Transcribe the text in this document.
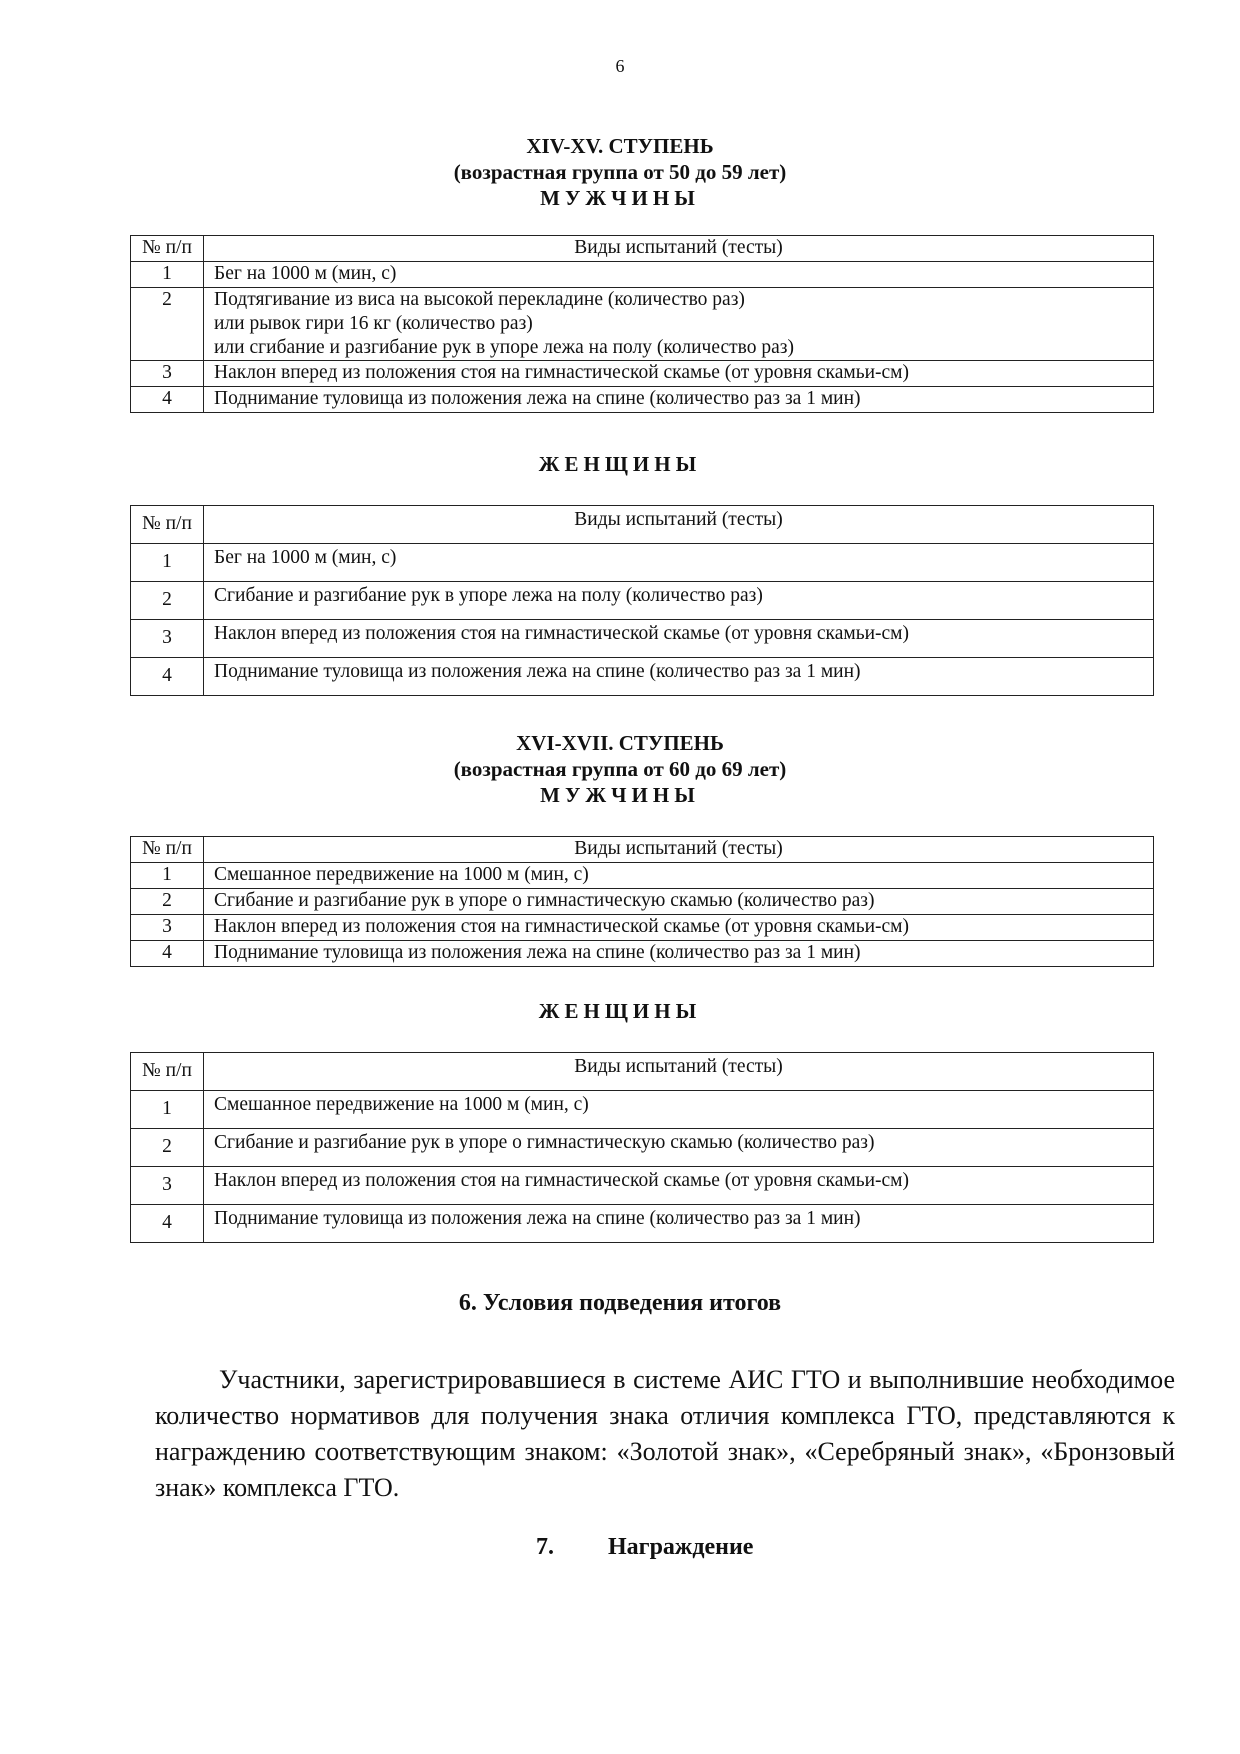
6
XIV-XV. СТУПЕНЬ
(возрастная группа от 50 до 59 лет)
МУЖЧИНЫ
№ п/п	Виды испытаний (тесты)
1	Бег на 1000 м (мин, с)

2	Подтягивание из виса на высокой перекладине (количество раз)
или рывок гири 16 кг (количество раз)
или сгибание и разгибание рук в упоре лежа на полу (количество раз)

3	Наклон вперед из положения стоя на гимнастической скамье (от уровня скамьи-см)

4	Поднимание туловища из положения лежа на спине (количество раз за 1 мин)
ЖЕНЩИНЫ
№ п/п	Виды испытаний (тесты)
1	Бег на 1000 м (мин, с)
2	Сгибание и разгибание рук в упоре лежа на полу (количество раз)
3	Наклон вперед из положения стоя на гимнастической скамье (от уровня скамьи-см)
4	Поднимание туловища из положения лежа на спине (количество раз за 1 мин)
XVI-XVII. СТУПЕНЬ
(возрастная группа от 60 до 69 лет)
МУЖЧИНЫ
№ п/п	Виды испытаний (тесты)
1	Смешанное передвижение на 1000 м (мин, с)
2	Сгибание и разгибание рук в упоре о гимнастическую скамью (количество раз)
3	Наклон вперед из положения стоя на гимнастической скамье (от уровня скамьи-см)
4	Поднимание туловища из положения лежа на спине (количество раз за 1 мин)
ЖЕНЩИНЫ
№ п/п	Виды испытаний (тесты)
1	Смешанное передвижение на 1000 м (мин, с)
2	Сгибание и разгибание рук в упоре о гимнастическую скамью (количество раз)
3	Наклон вперед из положения стоя на гимнастической скамье (от уровня скамьи-см)
4	Поднимание туловища из положения лежа на спине (количество раз за 1 мин)
6. Условия подведения итогов
Участники, зарегистрировавшиеся в системе АИС ГТО и выполнившие необходимое количество нормативов для получения знака отличия комплекса ГТО, представляются к награждению соответствующим знаком: «Золотой знак», «Серебряный знак», «Бронзовый знак» комплекса ГТО.
7. Награждение
